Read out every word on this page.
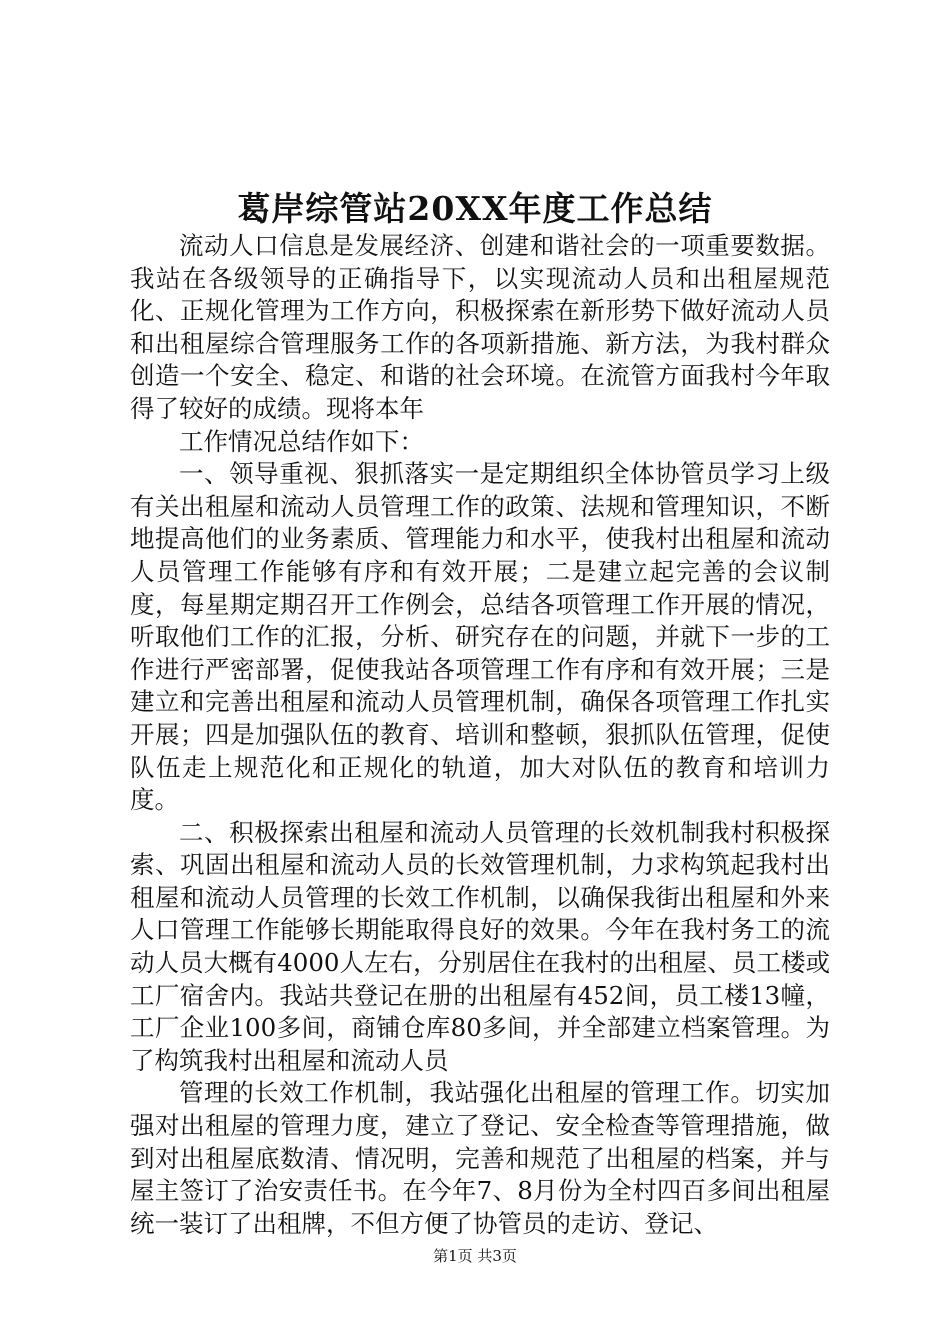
葛岸综管站20XX年度工作总结

流动人口信息是发展经济、创建和谐社会的一项重要数据。我站在各级领导的正确指导下，以实现流动人员和出租屋规范化、正规化管理为工作方向，积极探索在新形势下做好流动人员和出租屋综合管理服务工作的各项新措施、新方法，为我村群众创造一个安全、稳定、和谐的社会环境。在流管方面我村今年取得了较好的成绩。现将本年

工作情况总结作如下：

一、领导重视、狠抓落实一是定期组织全体协管员学习上级有关出租屋和流动人员管理工作的政策、法规和管理知识，不断地提高他们的业务素质、管理能力和水平，使我村出租屋和流动人员管理工作能够有序和有效开展；二是建立起完善的会议制度，每星期定期召开工作例会，总结各项管理工作开展的情况，听取他们工作的汇报，分析、研究存在的问题，并就下一步的工作进行严密部署，促使我站各项管理工作有序和有效开展；三是建立和完善出租屋和流动人员管理机制，确保各项管理工作扎实开展；四是加强队伍的教育、培训和整顿，狠抓队伍管理，促使队伍走上规范化和正规化的轨道，加大对队伍的教育和培训力度。

二、积极探索出租屋和流动人员管理的长效机制我村积极探索、巩固出租屋和流动人员的长效管理机制，力求构筑起我村出租屋和流动人员管理的长效工作机制，以确保我街出租屋和外来人口管理工作能够长期能取得良好的效果。今年在我村务工的流动人员大概有4000人左右，分别居住在我村的出租屋、员工楼或工厂宿舍内。我站共登记在册的出租屋有452间，员工楼13幢，工厂企业100多间，商铺仓库80多间，并全部建立档案管理。为了构筑我村出租屋和流动人员

管理的长效工作机制，我站强化出租屋的管理工作。切实加强对出租屋的管理力度，建立了登记、安全检查等管理措施，做到对出租屋底数清、情况明，完善和规范了出租屋的档案，并与屋主签订了治安责任书。在今年7、8月份为全村四百多间出租屋统一装订了出租牌，不但方便了协管员的走访、登记、

第1页 共3页
